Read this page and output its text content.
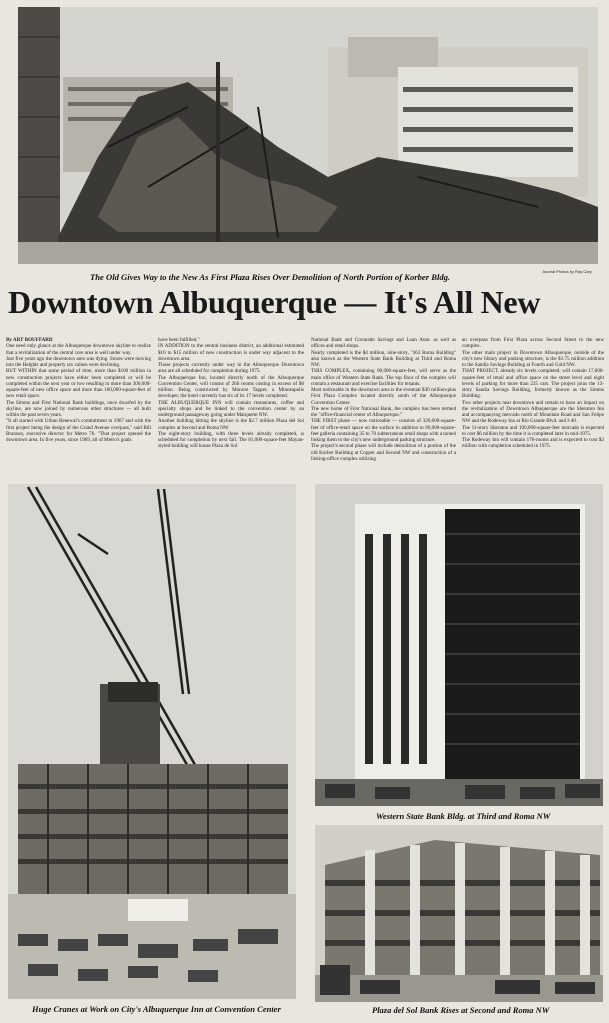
The Old Gives Way to the New As First Plaza Rises Over Demolition of North Portion of Korber Bldg.
Journal Photos by Ray Cary
Downtown Albuquerque — It's All New

By ART BOUFFARD

One need only glance at the Albuquerque downtown skyline to realize that a revitalization of the central core area is well under way.

Just five years ago the downtown area was dying. Stores were moving into the Heights and property tax values were declining.

BUT WITHIN that same period of time, more than $100 million in new construction projects have either been completed or will be completed within the next year or two resulting in more than 300,000-square-feet of new office space and more than 100,000-square-feet of new retail space.

The Simms and First National Bank buildings, once dwarfed by the skyline, are now joined by numerous other structures — all built within the past seven years.

"It all started with Urban Renewal's commitment in 1967 and with the first project being the design of the Grand Avenue overpass," said Bill Branson, executive director for Metro 76. "That project opened the downtown area. In five years, since 1969, all of Metro's goals

have been fulfilled."

IN ADDITION to the central business district, an additional estimated $10 to $15 million of new construction is under way adjacent to the downtown area.

Those projects currently under way in the Albuquerque Downtown area are all scheduled for completion during 1975.

The Albuquerque Inn, located directly north of the Albuquerque Convention Center, will consist of 266 rooms costing in excess of $6 million. Being constructed by Monroe Tapper, a Minneapolis developer, the hotel currently has six of its 17 levels completed.

THE ALBUQUERQUE INN will contain restaurants, coffee and specialty shops and be linked to the convention center by an underground passageway going under Marquette NW.

Another building hitting the skyline is the $2.7 million Plaza del Sol complex at Second and Roma NW.

The eight-story building, with three levels already completed, is scheduled for completion by next fall. The 81,000-square-feet Mayan-styled building will house Plaza de Sol

National Bank and Coronado Savings and Loan Assn. as well as offices and retail shops.

Nearly completed is the $4 million, nine-story, "363 Roma Building" also known as the Western State Bank Building at Third and Roma NW.

THIS COMPLEX, containing 80,000-square-feet, will serve as the main office of Western State Bank. The top floor of the complex will contain a restaurant and exercise facilities for tenants.

Most noticeable in the downtown area is the eventual $30 million-plus First Plaza Complex located directly south of the Albuquerque Convention Center.

The new home of First National Bank, the complex has been termed the "office-financial center of Albuquerque."

THE FIRST phase — now noticeable — consists of 320,000-square-feet of office-retail space on the surface in addition to 80,000-square-feet galleria containing 35 to 70 subterranean retail shops with a tunnel linking them to the city's new underground parking structure.

The project's second phase will include demolition of a portion of the old Korber Building at Copper and Second NW and construction of a linking-office complex utilizing

an overpass from First Plaza across Second Street to the new complex.

The other main project in Downtown Albuquerque, outside of the city's new library and parking structure, is the $1.75 million addition to the Sandia Savings Building at Fourth and Gold NW.

THAT PROJECT, already six levels completed, will contain 17,000-square-feet of retail and office space on the street level and eight levels of parking for more than 225 cars. The project joins the 13-story Sandia Savings Building, formerly known as the Simms Building.

Two other projects near downtown and certain to have an impact on the revitalization of Downtown Albuquerque are the Sheraton Inn and accompanying mercado north of Mountain Road and San Felipe NW and the Rodeway Inn at Rio Grande Blvd. and I-40.

The 11-story Sheraton and 100,000-square-feet mercado is expected to cost $6 million by the time it is completed later in mid-1975.

The Rodeway Inn will contain 176-rooms and is expected to cost $2 million with completion scheduled in 1975.

Huge Cranes at Work on City's Albuquerque Inn at Convention Center
Western State Bank Bldg. at Third and Roma NW
Plaza del Sol Bank Rises at Second and Roma NW
